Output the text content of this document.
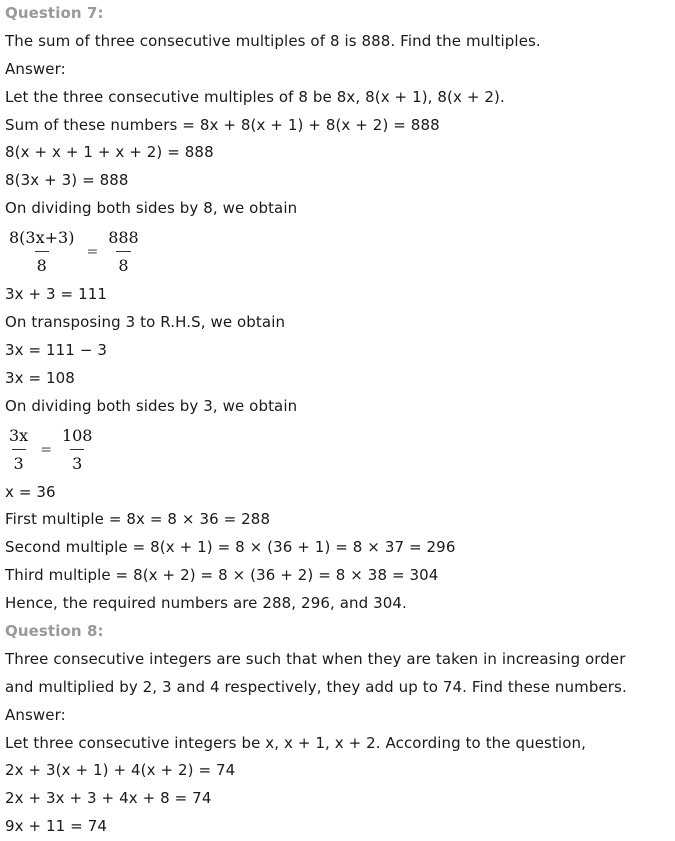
Question 7:
The sum of three consecutive multiples of 8 is 888. Find the multiples.
Answer:
Let the three consecutive multiples of 8 be 8x, 8(x + 1), 8(x + 2).
Sum of these numbers = 8x + 8(x + 1) + 8(x + 2) = 888
8(x + x + 1 + x + 2) = 888
8(3x + 3) = 888
On dividing both sides by 8, we obtain
$\frac{8(3x+3)}{8} = \frac{888}{8}$
3x + 3 = 111
On transposing 3 to R.H.S, we obtain
3x = 111 − 3
3x = 108
On dividing both sides by 3, we obtain
$\frac{3x}{3} = \frac{108}{3}$
x = 36
First multiple = 8x = 8 × 36 = 288
Second multiple = 8(x + 1) = 8 × (36 + 1) = 8 × 37 = 296
Third multiple = 8(x + 2) = 8 × (36 + 2) = 8 × 38 = 304
Hence, the required numbers are 288, 296, and 304.
Question 8:
Three consecutive integers are such that when they are taken in increasing order
and multiplied by 2, 3 and 4 respectively, they add up to 74. Find these numbers.
Answer:
Let three consecutive integers be x, x + 1, x + 2. According to the question,
2x + 3(x + 1) + 4(x + 2) = 74
2x + 3x + 3 + 4x + 8 = 74
9x + 11 = 74
